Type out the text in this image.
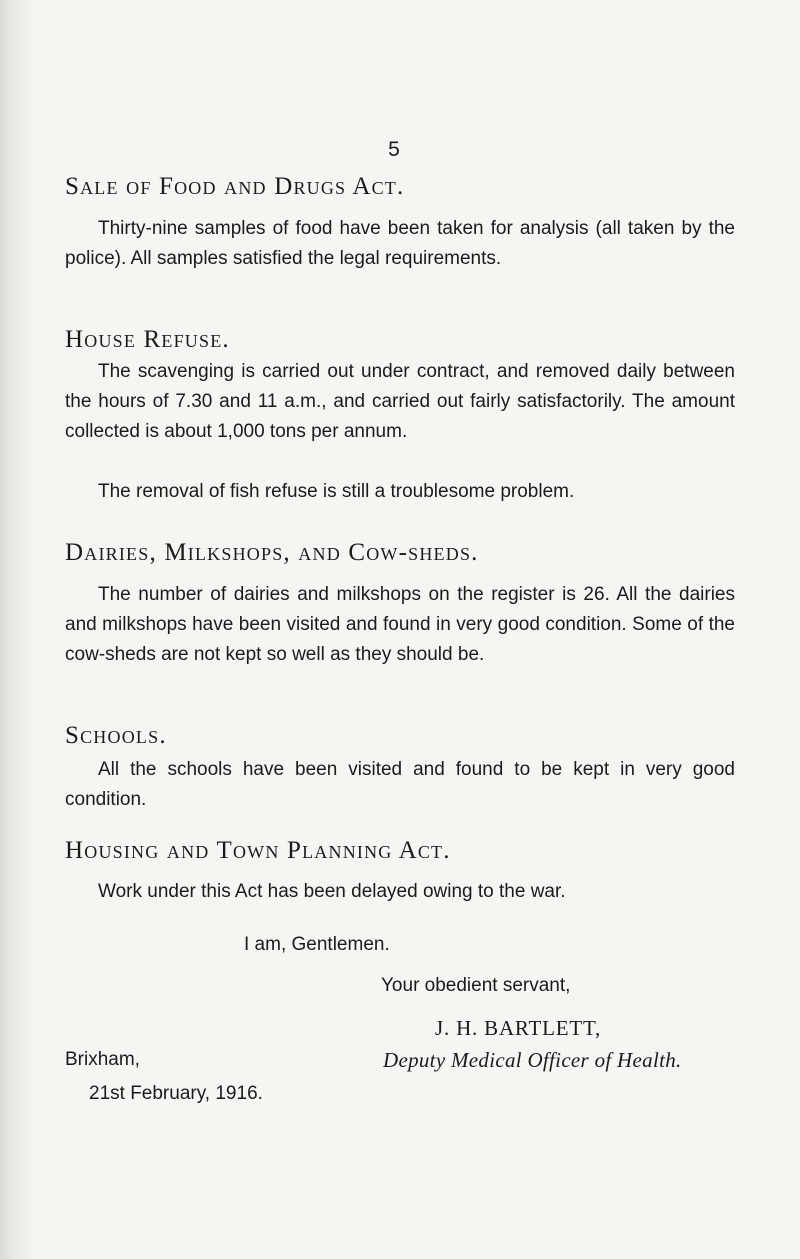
5
Sale of Food and Drugs Act.

Thirty-nine samples of food have been taken for analysis (all taken by the police). All samples satisfied the legal requirements.

House Refuse.

The scavenging is carried out under contract, and removed daily between the hours of 7.30 and 11 a.m., and carried out fairly satisfactorily. The amount collected is about 1,000 tons per annum.

The removal of fish refuse is still a troublesome problem.

Dairies, Milkshops, and Cow-sheds.

The number of dairies and milkshops on the register is 26. All the dairies and milkshops have been visited and found in very good condition. Some of the cow-sheds are not kept so well as they should be.

Schools.

All the schools have been visited and found to be kept in very good condition.

Housing and Town Planning Act.

Work under this Act has been delayed owing to the war.

I am, Gentlemen.
Your obedient servant,
J. H. BARTLETT,
Deputy Medical Officer of Health.
Brixham,
21st February, 1916.
